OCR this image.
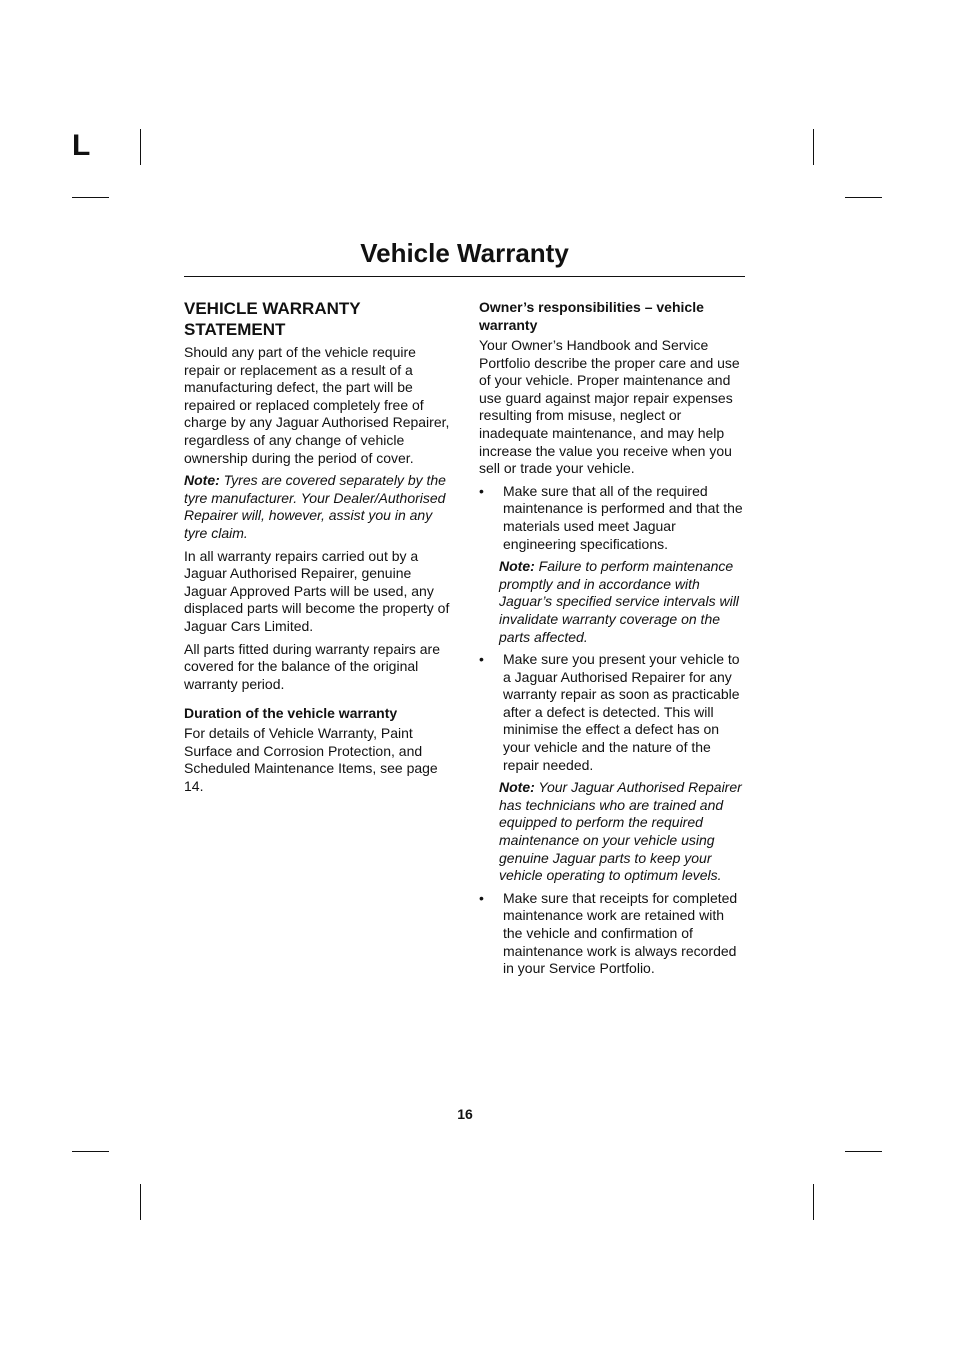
L
Vehicle Warranty
VEHICLE WARRANTY STATEMENT

Should any part of the vehicle require repair or replacement as a result of a manufacturing defect, the part will be repaired or replaced completely free of charge by any Jaguar Authorised Repairer, regardless of any change of vehicle ownership during the period of cover.

Note: Tyres are covered separately by the tyre manufacturer. Your Dealer/Authorised Repairer will, however, assist you in any tyre claim.

In all warranty repairs carried out by a Jaguar Authorised Repairer, genuine Jaguar Approved Parts will be used, any displaced parts will become the property of Jaguar Cars Limited.

All parts fitted during warranty repairs are covered for the balance of the original warranty period.

Duration of the vehicle warranty

For details of Vehicle Warranty, Paint Surface and Corrosion Protection, and Scheduled Maintenance Items, see page 14.

Owner’s responsibilities – vehicle warranty

Your Owner’s Handbook and Service Portfolio describe the proper care and use of your vehicle. Proper maintenance and use guard against major repair expenses resulting from misuse, neglect or inadequate maintenance, and may help increase the value you receive when you sell or trade your vehicle.

• Make sure that all of the required maintenance is performed and that the materials used meet Jaguar engineering specifications.

Note: Failure to perform maintenance promptly and in accordance with Jaguar’s specified service intervals will invalidate warranty coverage on the parts affected.

• Make sure you present your vehicle to a Jaguar Authorised Repairer for any warranty repair as soon as practicable after a defect is detected. This will minimise the effect a defect has on your vehicle and the nature of the repair needed.

Note: Your Jaguar Authorised Repairer has technicians who are trained and equipped to perform the required maintenance on your vehicle using genuine Jaguar parts to keep your vehicle operating to optimum levels.

• Make sure that receipts for completed maintenance work are retained with the vehicle and confirmation of maintenance work is always recorded in your Service Portfolio.
16
